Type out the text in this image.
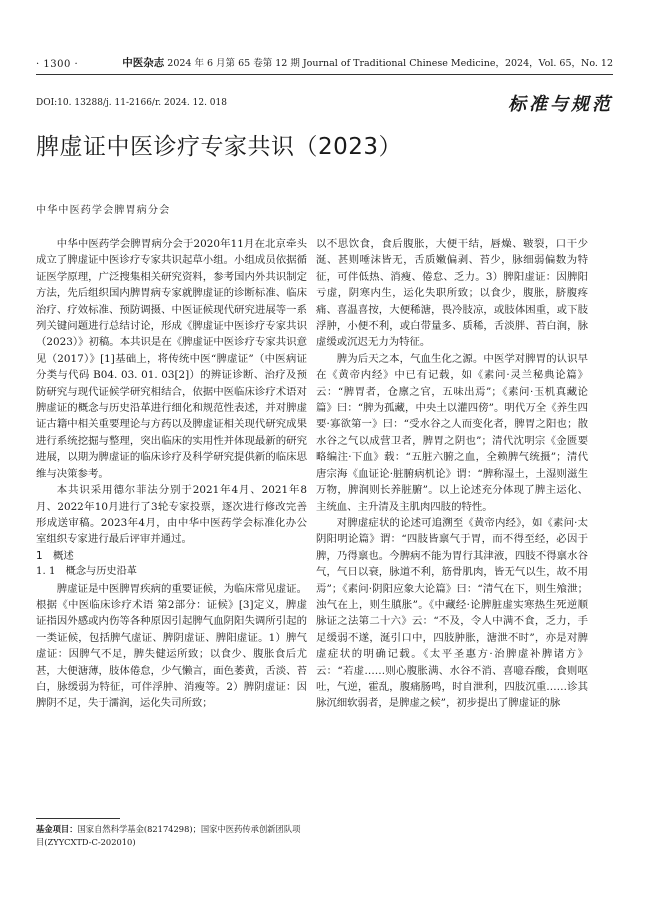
· 1300 ·	中医杂志 2024 年 6 月第 65 卷第 12 期 Journal of Traditional Chinese Medicine，2024，Vol. 65，No. 12
DOI:10. 13288/j. 11-2166/r. 2024. 12. 018	标准与规范
脾虚证中医诊疗专家共识（2023）
中华中医药学会脾胃病分会

中华中医药学会脾胃病分会于2020年11月在北京牵头成立了脾虚证中医诊疗专家共识起草小组。小组成员依据循证医学原理，广泛搜集相关研究资料，参考国内外共识制定方法，先后组织国内脾胃病专家就脾虚证的诊断标准、临床治疗、疗效标准、预防调摄、中医证候现代研究进展等一系列关键问题进行总结讨论，形成《脾虚证中医诊疗专家共识（2023）》初稿。本共识是在《脾虚证中医诊疗专家共识意见（2017）》[1]基础上，将传统中医“脾虚证”（中医病证分类与代码 B04. 03. 01. 03[2]）的辨证诊断、治疗及预防研究与现代证候学研究相结合，依据中医临床诊疗术语对脾虚证的概念与历史沿革进行细化和规范性表述，并对脾虚证古籍中相关重要理论与方药以及脾虚证相关现代研究成果进行系统挖掘与整理，突出临床的实用性并体现最新的研究进展，以期为脾虚证的临床诊疗及科学研究提供新的临床思维与决策参考。

本共识采用德尔菲法分别于2021年4月、2021年8月、2022年10月进行了3轮专家投票，逐次进行修改完善形成送审稿。2023年4月，由中华中医药学会标准化办公室组织专家进行最后评审并通过。

1　概述
1. 1　概念与历史沿革

脾虚证是中医脾胃疾病的重要证候，为临床常见虚证。根据《中医临床诊疗术语 第2部分：证候》[3]定义，脾虚证指因外感或内伤等各种原因引起脾气血阴阳失调所引起的一类证候，包括脾气虚证、脾阴虚证、脾阳虚证。1）脾气虚证：因脾气不足，脾失健运所致；以食少、腹胀食后尤甚，大便溏薄，肢体倦怠，少气懒言，面色萎黄，舌淡、苔白，脉缓弱为特征，可伴浮肿、消瘦等。2）脾阴虚证：因脾阴不足，失于濡润，运化失司所致；

以不思饮食，食后腹胀，大便干结，唇燥、皲裂，口干少涎、甚则唾沫皆无，舌质嫩偏剥、苔少，脉细弱偏数为特征，可伴低热、消瘦、倦怠、乏力。3）脾阳虚证：因脾阳亏虚，阴寒内生，运化失职所致；以食少，腹胀，脐腹疼痛、喜温喜按，大便稀溏，畏冷肢凉，或肢体困重，或下肢浮肿，小便不利，或白带量多、质稀，舌淡胖、苔白润，脉虚缓或沉迟无力为特征。

脾为后天之本，气血生化之源。中医学对脾胃的认识早在《黄帝内经》中已有记载，如《素问·灵兰秘典论篇》云：“脾胃者，仓廪之官，五味出焉”；《素问·玉机真藏论篇》曰：“脾为孤藏，中央土以灌四傍”。明代万全《养生四要·寡欲第一》曰：“受水谷之人而变化者，脾胃之阳也；散水谷之气以成营卫者，脾胃之阴也”；清代沈明宗《金匮要略编注·下血》载：“五脏六腑之血，全赖脾气统摄”；清代唐宗海《血证论·脏腑病机论》谓：“脾称湿土，土湿则滋生万物，脾润则长养脏腑”。以上论述充分体现了脾主运化、主统血、主升清及主肌肉四肢的特性。

对脾虚症状的论述可追溯至《黄帝内经》，如《素问·太阴阳明论篇》谓：“四肢皆禀气于胃，而不得至经，必因于脾，乃得禀也。今脾病不能为胃行其津液，四肢不得禀水谷气，气日以衰，脉道不利，筋骨肌肉，皆无气以生，故不用焉”；《素问·阴阳应象大论篇》曰：“清气在下，则生飧泄；浊气在上，则生䐜胀”。《中藏经·论脾脏虚实寒热生死逆顺脉证之法第二十六》云：“不及，令人中满不食，乏力，手足缓弱不遂，涎引口中，四肢肿胀，溏泄不时”，亦是对脾虚症状的明确记载。《太平圣惠方·治脾虚补脾诸方》云：“若虚……则心腹胀满、水谷不消、喜噫吞酸，食则呕吐，气逆，霍乱，腹痛肠鸣，时自泄利，四肢沉重……诊其脉沉细软弱者，是脾虚之候”，初步提出了脾虚证的脉

基金项目：国家自然科学基金(82174298)；国家中医药传承创新团队项目(ZYYCXTD-C-202010)
